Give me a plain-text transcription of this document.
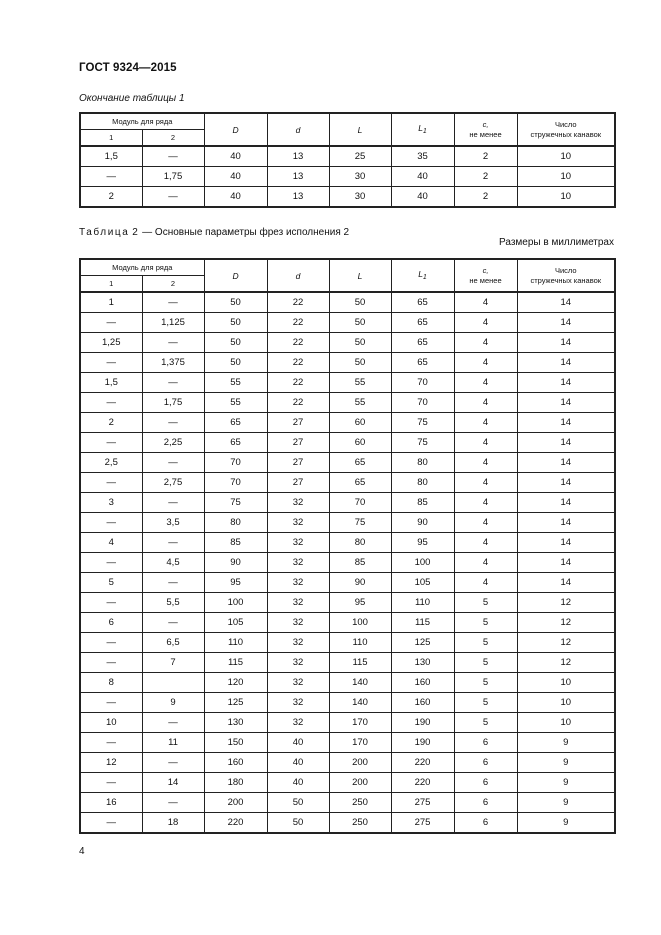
ГОСТ 9324—2015
Окончание таблицы 1
Модуль для ряда		D	d	L	$L_1$	с,
не менее	Число
стружечных канавок
1	2						
1,5	—	40	13	25	35	2	10
—	1,75	40	13	30	40	2	10
2	—	40	13	30	40	2	10
Таблица 2 — Основные параметры фрез исполнения 2
Размеры в миллиметрах
Модуль для ряда		D	d	L	$L_1$	с,
не менее	Число
стружечных канавок
1	2						
1	—	50	22	50	65	4	14
—	1,125	50	22	50	65	4	14
1,25	—	50	22	50	65	4	14
—	1,375	50	22	50	65	4	14
1,5	—	55	22	55	70	4	14
—	1,75	55	22	55	70	4	14
2	—	65	27	60	75	4	14
—	2,25	65	27	60	75	4	14
2,5	—	70	27	65	80	4	14
—	2,75	70	27	65	80	4	14
3	—	75	32	70	85	4	14
—	3,5	80	32	75	90	4	14
4	—	85	32	80	95	4	14
—	4,5	90	32	85	100	4	14
5	—	95	32	90	105	4	14
—	5,5	100	32	95	110	5	12
6	—	105	32	100	115	5	12
—	6,5	110	32	110	125	5	12
—	7	115	32	115	130	5	12
8		120	32	140	160	5	10
—	9	125	32	140	160	5	10
10	—	130	32	170	190	5	10
—	11	150	40	170	190	6	9
12	—	160	40	200	220	6	9
—	14	180	40	200	220	6	9
16	—	200	50	250	275	6	9
—	18	220	50	250	275	6	9
4
